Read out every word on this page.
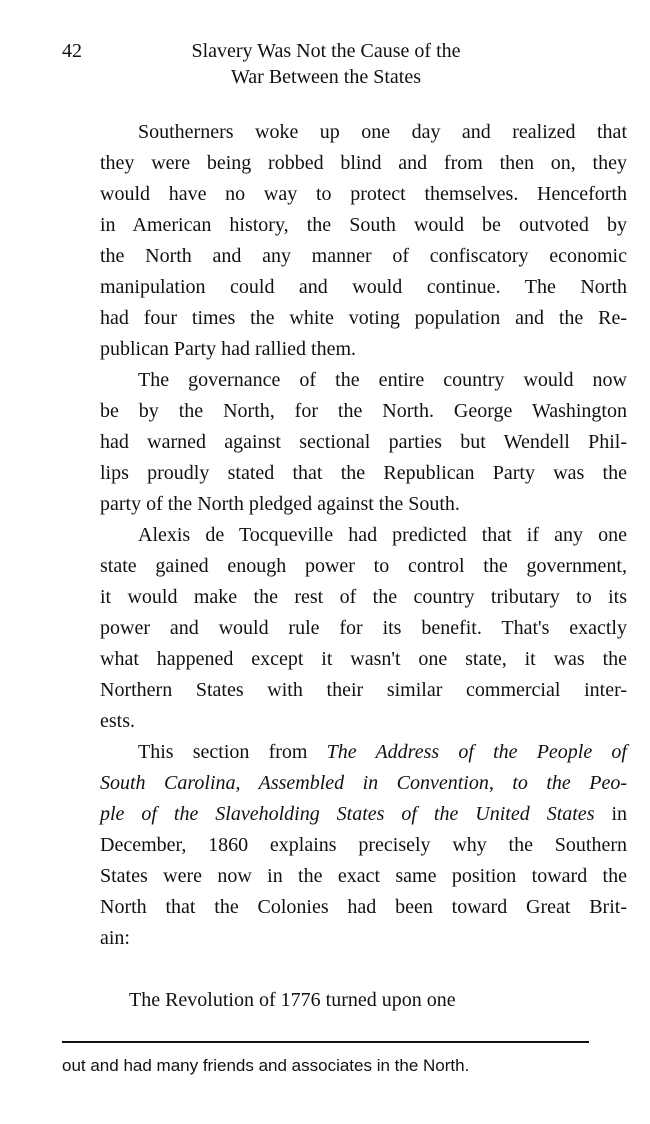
42	Slavery Was Not the Cause of the
War Between the States
Southerners woke up one day and realized that
they were being robbed blind and from then on, they
would have no way to protect themselves. Henceforth
in American history, the South would be outvoted by
the North and any manner of confiscatory economic
manipulation could and would continue. The North
had four times the white voting population and the Re-
publican Party had rallied them.
The governance of the entire country would now
be by the North, for the North. George Washington
had warned against sectional parties but Wendell Phil-
lips proudly stated that the Republican Party was the
party of the North pledged against the South.
Alexis de Tocqueville had predicted that if any one
state gained enough power to control the government,
it would make the rest of the country tributary to its
power and would rule for its benefit. That's exactly
what happened except it wasn't one state, it was the
Northern States with their similar commercial inter-
ests.
This section from The Address of the People of
South Carolina, Assembled in Convention, to the Peo-
ple of the Slaveholding States of the United States in
December, 1860 explains precisely why the Southern
States were now in the exact same position toward the
North that the Colonies had been toward Great Brit-
ain:
The Revolution of 1776 turned upon one
out and had many friends and associates in the North.
